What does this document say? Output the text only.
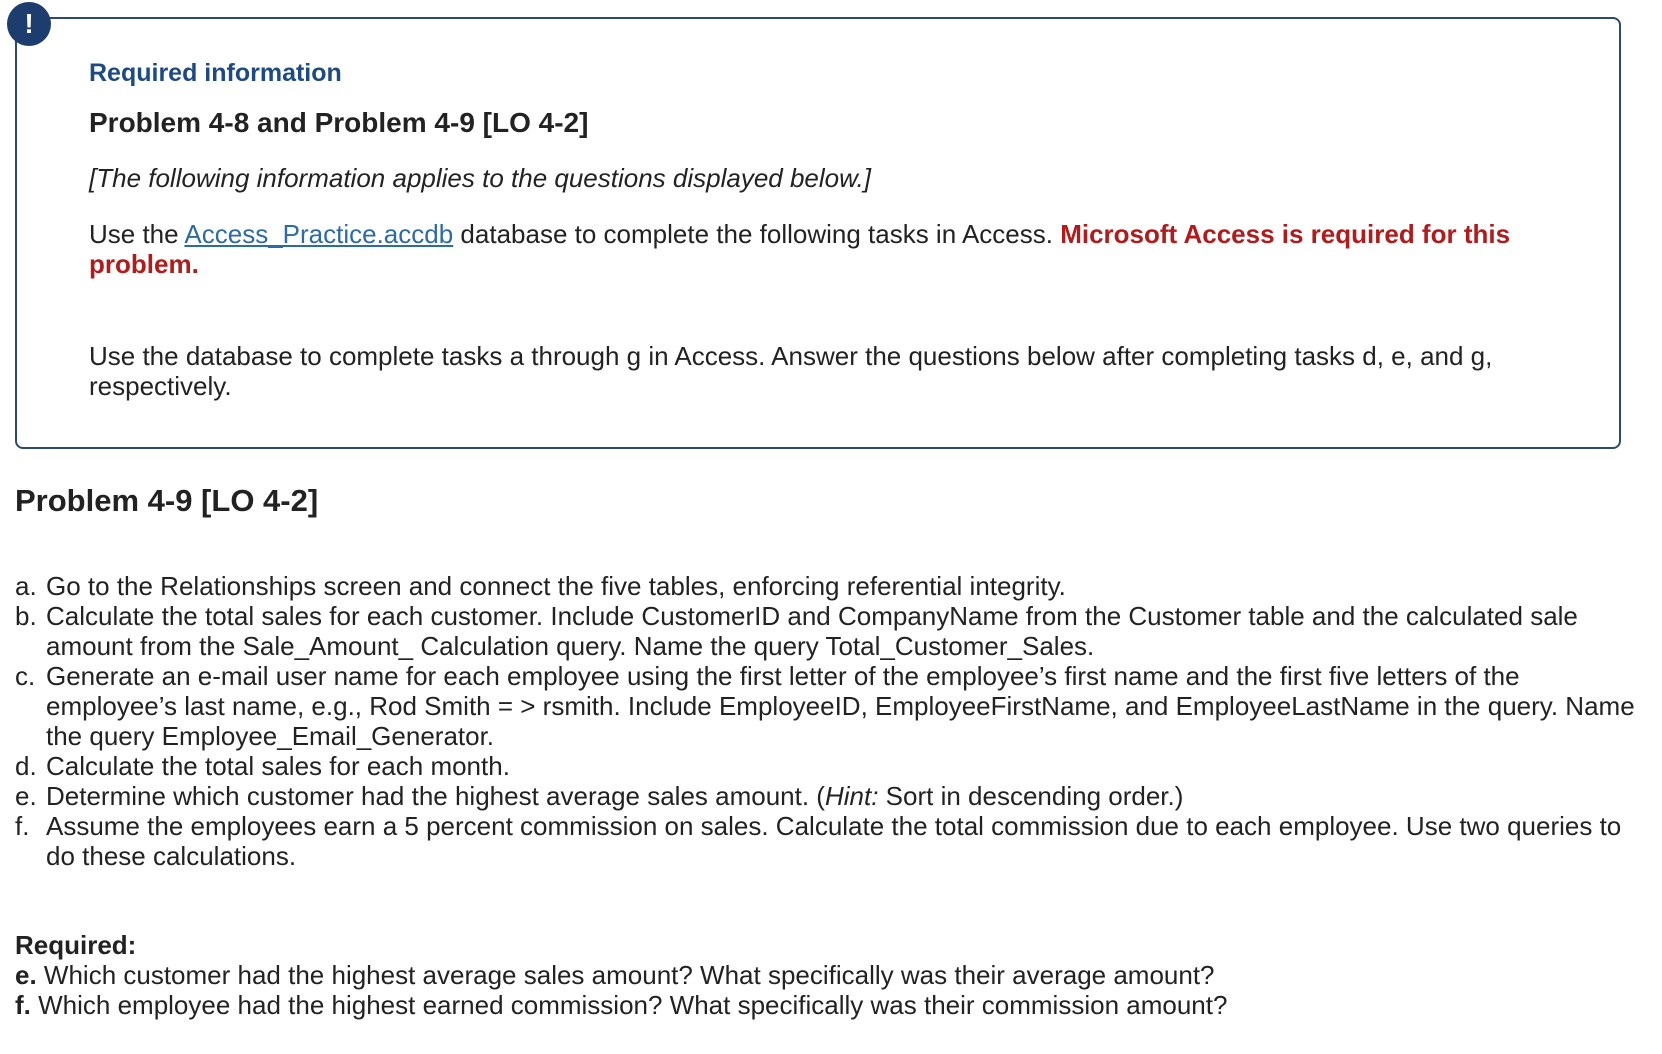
!
Required information
Problem 4-8 and Problem 4-9 [LO 4-2]
[The following information applies to the questions displayed below.]
Use the Access_Practice.accdb database to complete the following tasks in Access. Microsoft Access is required for this problem.
Use the database to complete tasks a through g in Access. Answer the questions below after completing tasks d, e, and g, respectively.
Problem 4-9 [LO 4-2]
a. Go to the Relationships screen and connect the five tables, enforcing referential integrity.
b. Calculate the total sales for each customer. Include CustomerID and CompanyName from the Customer table and the calculated sale amount from the Sale_Amount_ Calculation query. Name the query Total_Customer_Sales.
c. Generate an e-mail user name for each employee using the first letter of the employee’s first name and the first five letters of the employee’s last name, e.g., Rod Smith = > rsmith. Include EmployeeID, EmployeeFirstName, and EmployeeLastName in the query. Name the query Employee_Email_Generator.
d. Calculate the total sales for each month.
e. Determine which customer had the highest average sales amount. (Hint: Sort in descending order.)
f. Assume the employees earn a 5 percent commission on sales. Calculate the total commission due to each employee. Use two queries to do these calculations.
Required:
e. Which customer had the highest average sales amount? What specifically was their average amount?
f. Which employee had the highest earned commission? What specifically was their commission amount?
